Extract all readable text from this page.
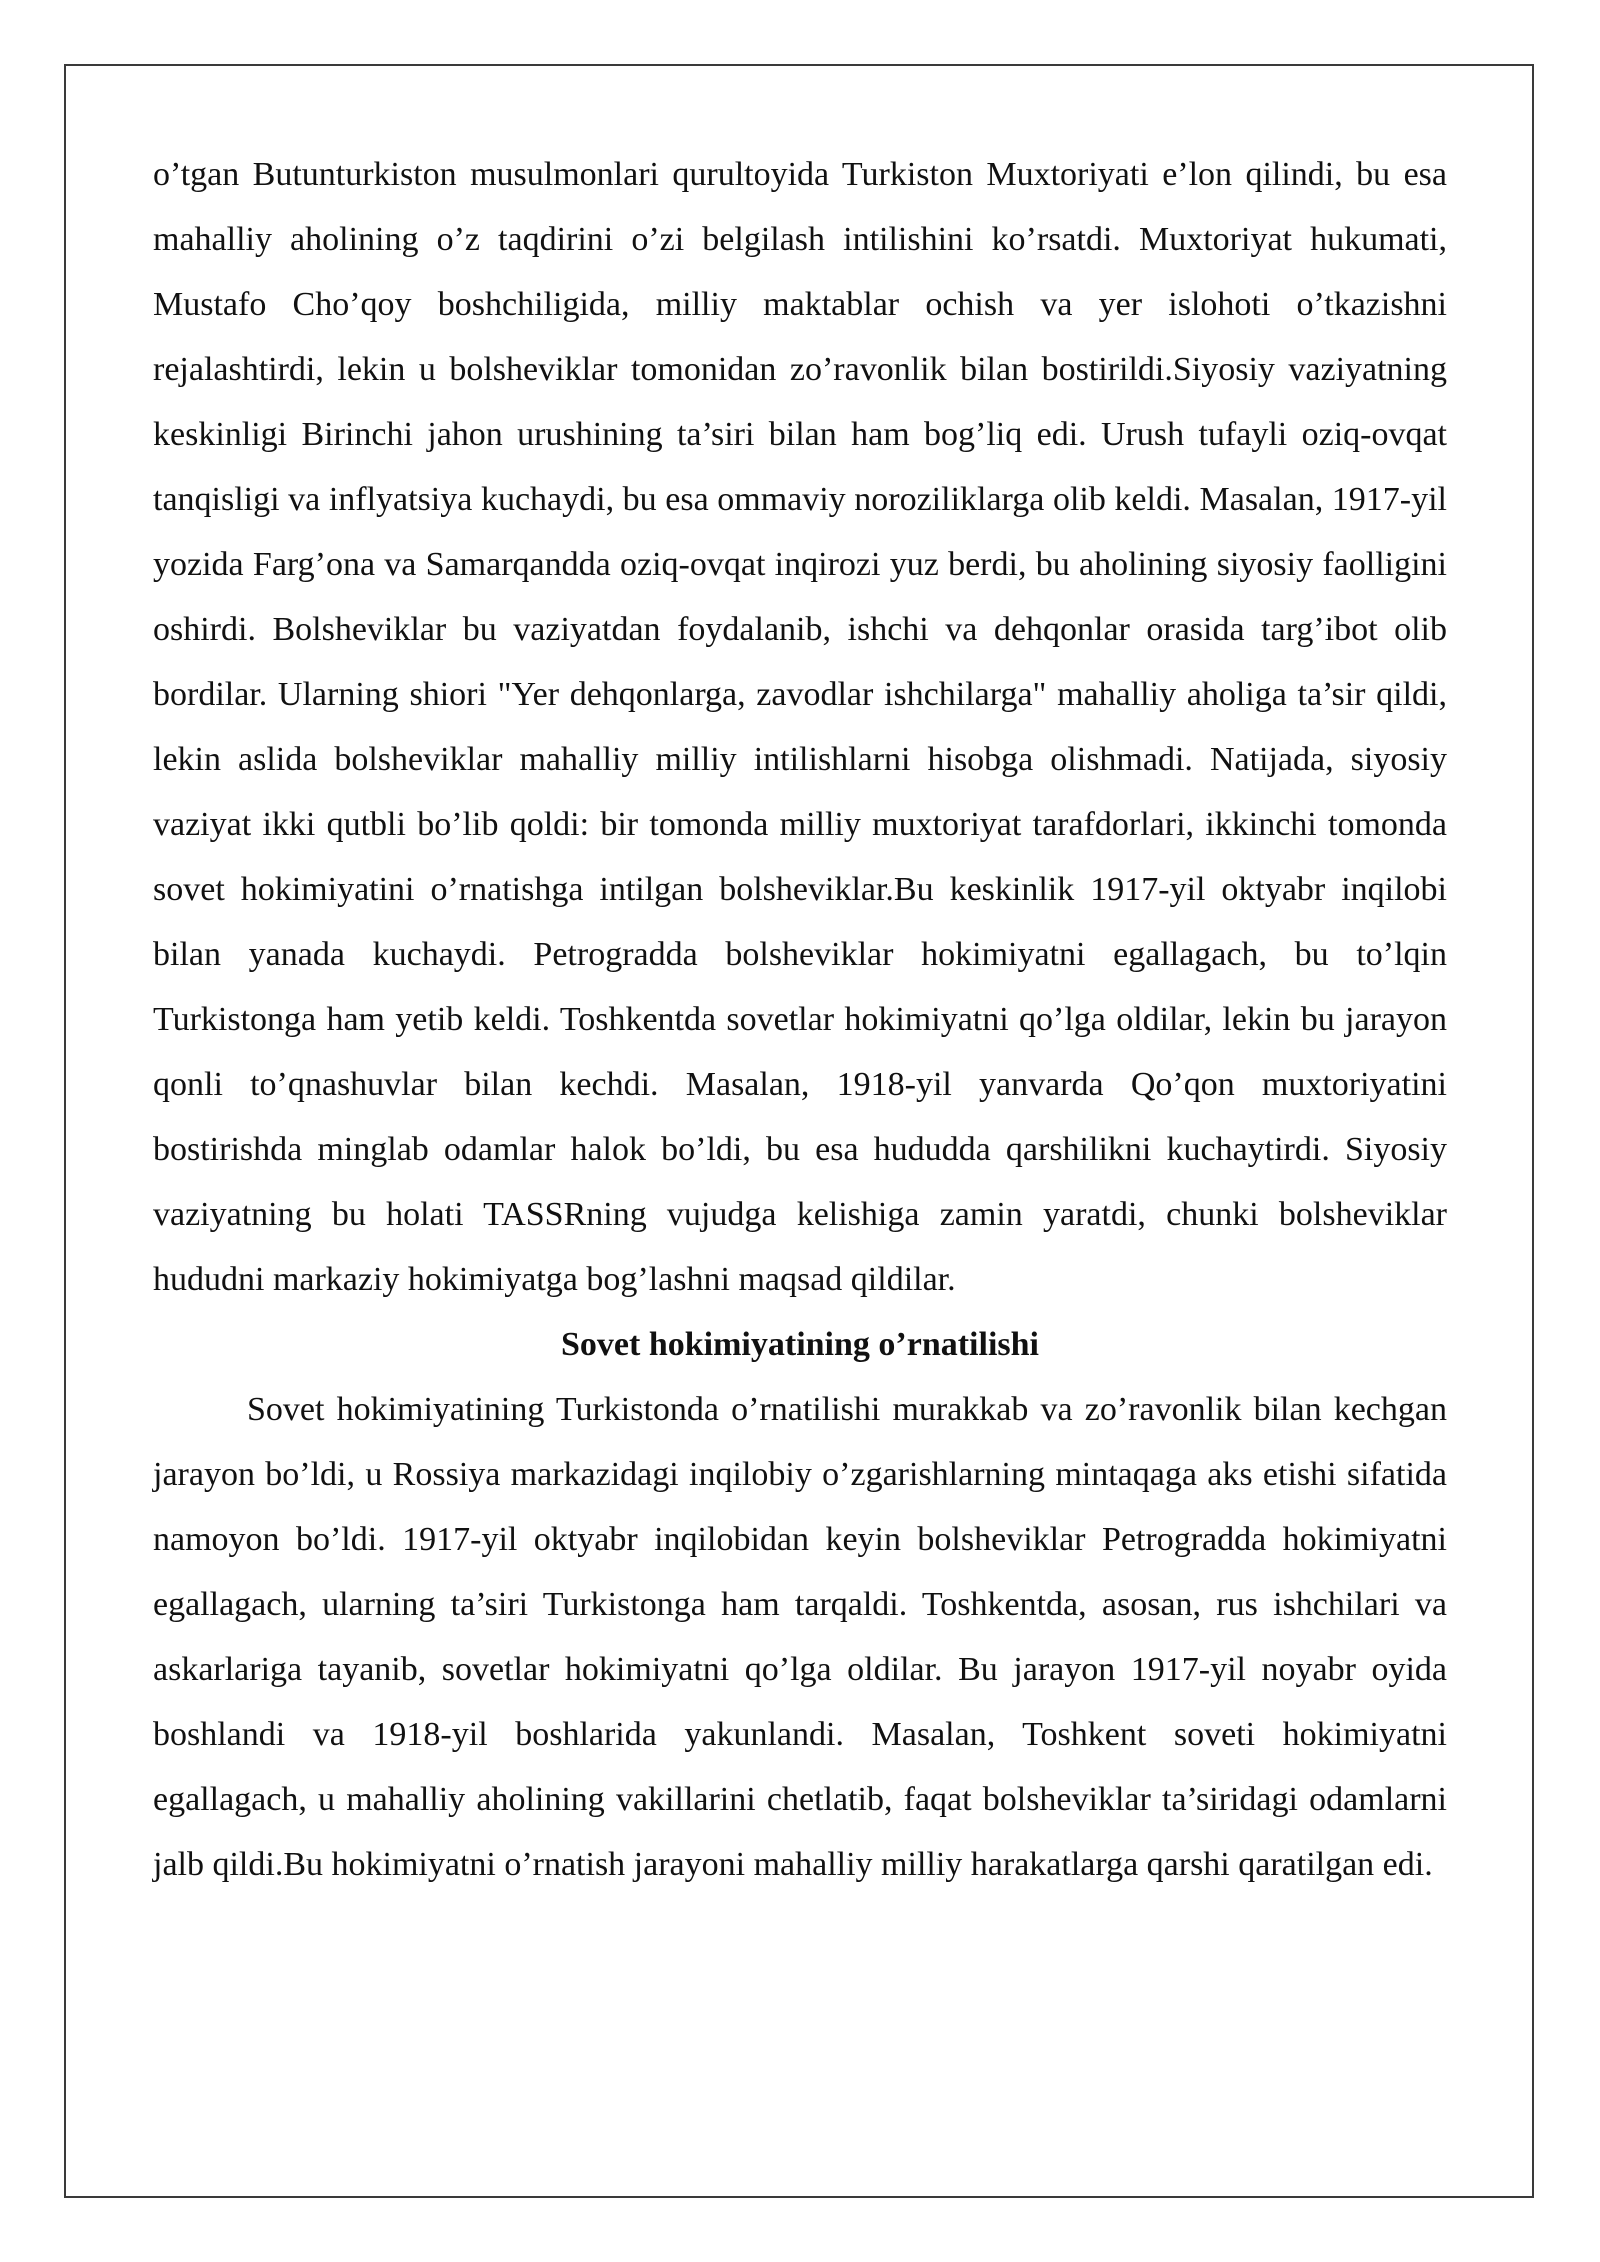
o’tgan Butunturkiston musulmonlari qurultoyida Turkiston Muxtoriyati e’lon qilindi, bu esa mahalliy aholining o’z taqdirini o’zi belgilash intilishini ko’rsatdi. Muxtoriyat hukumati, Mustafo Cho’qoy boshchiligida, milliy maktablar ochish va yer islohoti o’tkazishni rejalashtirdi, lekin u bolsheviklar tomonidan zo’ravonlik bilan bostirildi.Siyosiy vaziyatning keskinligi Birinchi jahon urushining ta’siri bilan ham bog’liq edi. Urush tufayli oziq-ovqat tanqisligi va inflyatsiya kuchaydi, bu esa ommaviy noroziliklarga olib keldi. Masalan, 1917-yil yozida Farg’ona va Samarqandda oziq-ovqat inqirozi yuz berdi, bu aholining siyosiy faolligini oshirdi. Bolsheviklar bu vaziyatdan foydalanib, ishchi va dehqonlar orasida targ’ibot olib bordilar. Ularning shiori "Yer dehqonlarga, zavodlar ishchilarga" mahalliy aholiga ta’sir qildi, lekin aslida bolsheviklar mahalliy milliy intilishlarni hisobga olishmadi. Natijada, siyosiy vaziyat ikki qutbli bo’lib qoldi: bir tomonda milliy muxtoriyat tarafdorlari, ikkinchi tomonda sovet hokimiyatini o’rnatishga intilgan bolsheviklar.Bu keskinlik 1917-yil oktyabr inqilobi bilan yanada kuchaydi. Petrogradda bolsheviklar hokimiyatni egallagach, bu to’lqin Turkistonga ham yetib keldi. Toshkentda sovetlar hokimiyatni qo’lga oldilar, lekin bu jarayon qonli to’qnashuvlar bilan kechdi. Masalan, 1918-yil yanvarda Qo’qon muxtoriyatini bostirishda minglab odamlar halok bo’ldi, bu esa hududda qarshilikni kuchaytirdi. Siyosiy vaziyatning bu holati TASSRning vujudga kelishiga zamin yaratdi, chunki bolsheviklar hududni markaziy hokimiyatga bog’lashni maqsad qildilar.

Sovet hokimiyatining o’rnatilishi

Sovet hokimiyatining Turkistonda o’rnatilishi murakkab va zo’ravonlik bilan kechgan jarayon bo’ldi, u Rossiya markazidagi inqilobiy o’zgarishlarning mintaqaga aks etishi sifatida namoyon bo’ldi. 1917-yil oktyabr inqilobidan keyin bolsheviklar Petrogradda hokimiyatni egallagach, ularning ta’siri Turkistonga ham tarqaldi. Toshkentda, asosan, rus ishchilari va askarlariga tayanib, sovetlar hokimiyatni qo’lga oldilar. Bu jarayon 1917-yil noyabr oyida boshlandi va 1918-yil boshlarida yakunlandi. Masalan, Toshkent soveti hokimiyatni egallagach, u mahalliy aholining vakillarini chetlatib, faqat bolsheviklar ta’siridagi odamlarni jalb qildi.Bu hokimiyatni o’rnatish jarayoni mahalliy milliy harakatlarga qarshi qaratilgan edi.
